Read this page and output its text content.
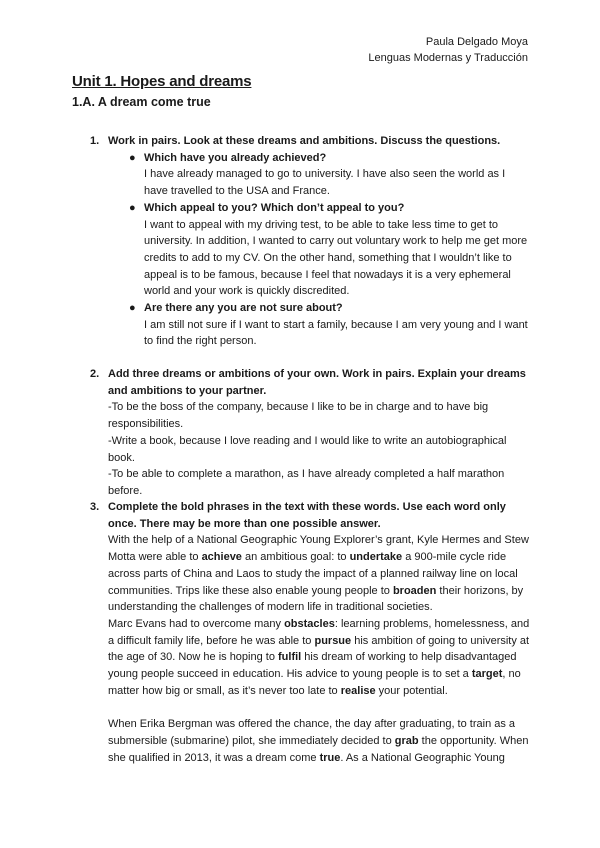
Paula Delgado Moya
Lenguas Modernas y Traducción
Unit 1. Hopes and dreams
1.A. A dream come true
1. Work in pairs. Look at these dreams and ambitions. Discuss the questions.

● Which have you already achieved?
I have already managed to go to university. I have also seen the world as I have travelled to the USA and France.
● Which appeal to you? Which don’t appeal to you?
I want to appeal with my driving test, to be able to take less time to get to university. In addition, I wanted to carry out voluntary work to help me get more credits to add to my CV. On the other hand, something that I wouldn’t like to appeal is to be famous, because I feel that nowadays it is a very ephemeral world and your work is quickly discredited.
● Are there any you are not sure about?
I am still not sure if I want to start a family, because I am very young and I want to find the right person.
2. Add three dreams or ambitions of your own. Work in pairs. Explain your dreams and ambitions to your partner.

-To be the boss of the company, because I like to be in charge and to have big responsibilities.

-Write a book, because I love reading and I would like to write an autobiographical book.

-To be able to complete a marathon, as I have already completed a half marathon before.

3. Complete the bold phrases in the text with these words. Use each word only once. There may be more than one possible answer.

With the help of a National Geographic Young Explorer’s grant, Kyle Hermes and Stew Motta were able to achieve an ambitious goal: to undertake a 900-mile cycle ride across parts of China and Laos to study the impact of a planned railway line on local communities. Trips like these also enable young people to broaden their horizons, by understanding the challenges of modern life in traditional societies.

Marc Evans had to overcome many obstacles: learning problems, homelessness, and a difficult family life, before he was able to pursue his ambition of going to university at the age of 30. Now he is hoping to fulfil his dream of working to help disadvantaged young people succeed in education. His advice to young people is to set a target, no matter how big or small, as it’s never too late to realise your potential.

When Erika Bergman was offered the chance, the day after graduating, to train as a submersible (submarine) pilot, she immediately decided to grab the opportunity. When she qualified in 2013, it was a dream come true. As a National Geographic Young
